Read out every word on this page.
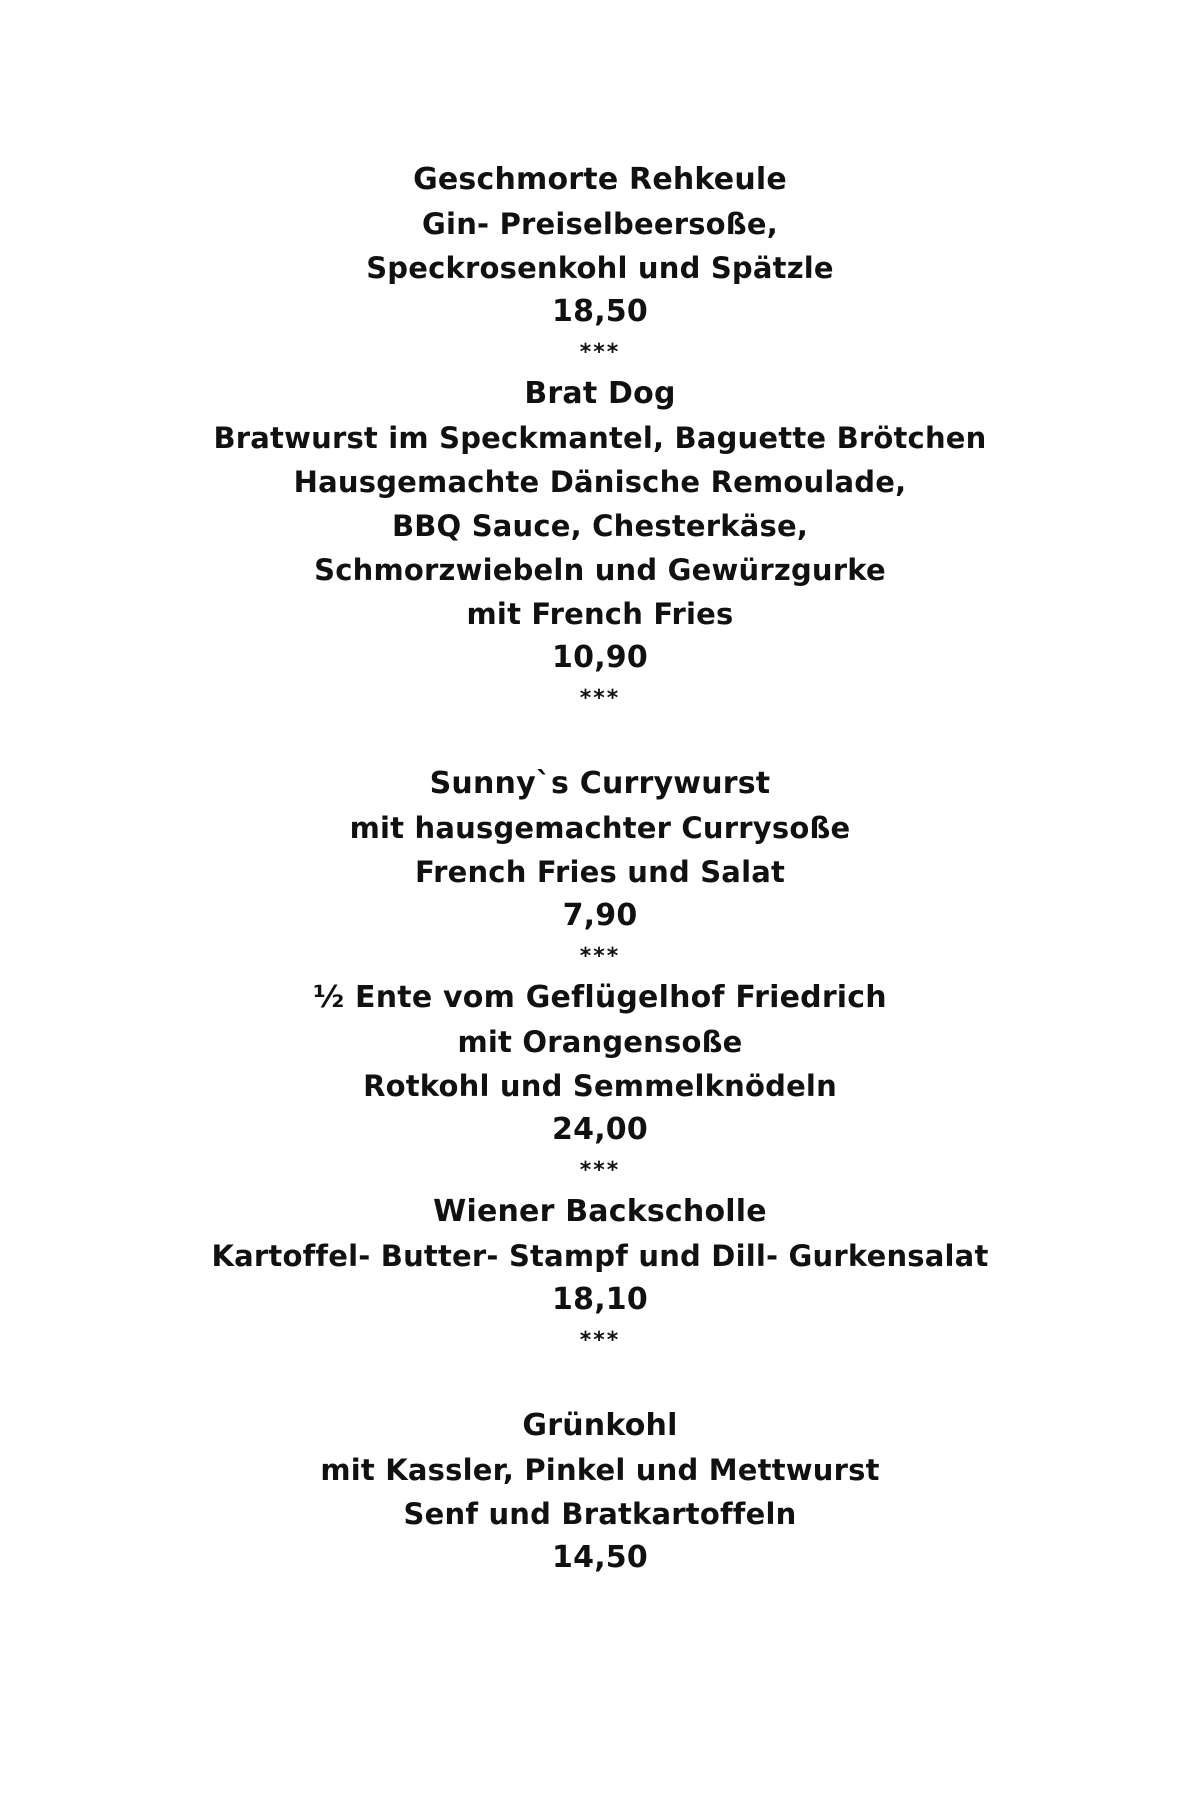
Geschmorte Rehkeule
Gin- Preiselbeersoße,
Speckrosenkohl und Spätzle
18,50
***
Brat Dog
Bratwurst im Speckmantel, Baguette Brötchen
Hausgemachte Dänische Remoulade,
BBQ Sauce, Chesterkäse,
Schmorzwiebeln und Gewürzgurke
mit French Fries
10,90
***
Sunny`s Currywurst
mit hausgemachter Currysoße
French Fries und Salat
7,90
***
½ Ente vom Geflügelhof Friedrich
mit Orangensoße
Rotkohl und Semmelknödeln
24,00
***
Wiener Backscholle
Kartoffel- Butter- Stampf und Dill- Gurkensalat
18,10
***
Grünkohl
mit Kassler, Pinkel und Mettwurst
Senf und Bratkartoffeln
14,50
